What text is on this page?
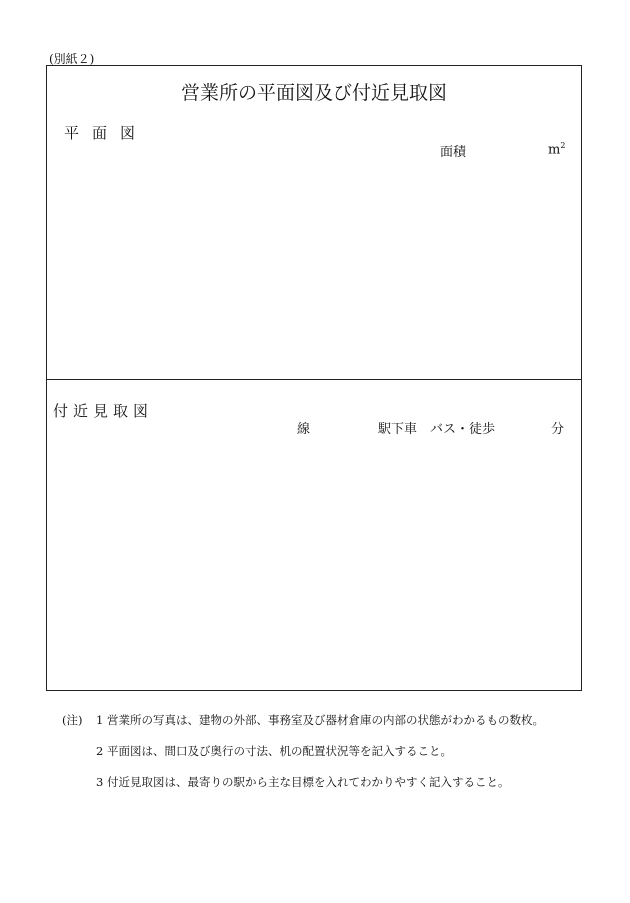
(別紙２)
営業所の平面図及び付近見取図
平面図
面積	$m^2$
付近見取図
線	駅下車 バス・徒歩	分
(注) 1 営業所の写真は、建物の外部、事務室及び器材倉庫の内部の状態がわかるもの数枚。
2 平面図は、間口及び奥行の寸法、机の配置状況等を記入すること。
3 付近見取図は、最寄りの駅から主な目標を入れてわかりやすく記入すること。
